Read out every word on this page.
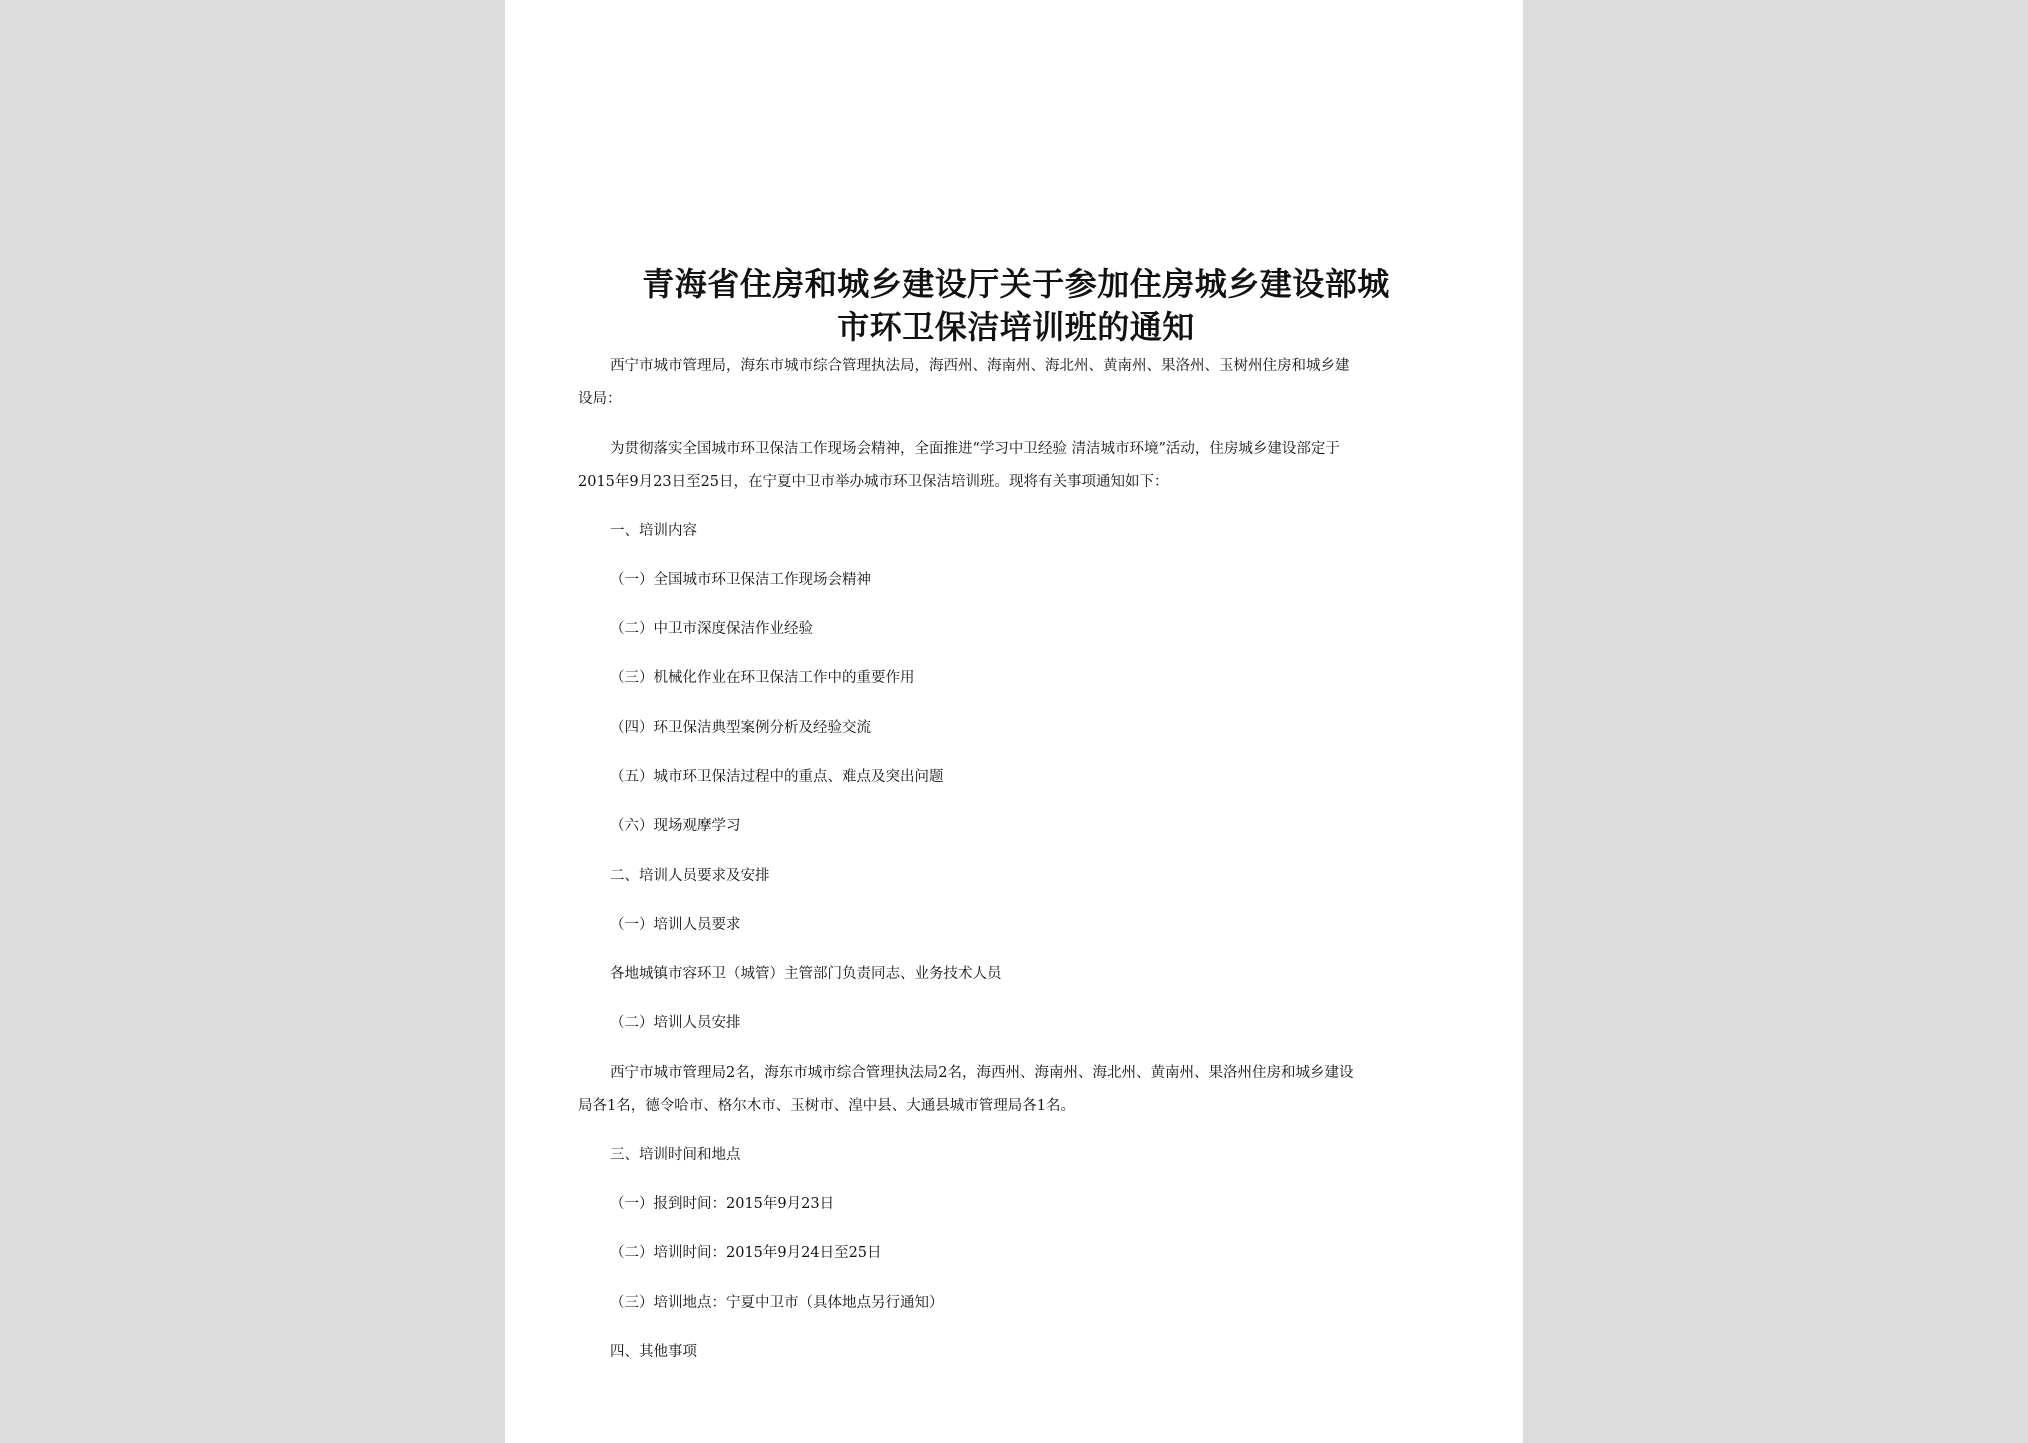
青海省住房和城乡建设厅关于参加住房城乡建设部城
市环卫保洁培训班的通知
西宁市城市管理局，海东市城市综合管理执法局，海西州、海南州、海北州、黄南州、果洛州、玉树州住房和城乡建
设局：
为贯彻落实全国城市环卫保洁工作现场会精神，全面推进“学习中卫经验 清洁城市环境”活动，住房城乡建设部定于
2015年9月23日至25日，在宁夏中卫市举办城市环卫保洁培训班。现将有关事项通知如下：
一、培训内容
（一）全国城市环卫保洁工作现场会精神
（二）中卫市深度保洁作业经验
（三）机械化作业在环卫保洁工作中的重要作用
（四）环卫保洁典型案例分析及经验交流
（五）城市环卫保洁过程中的重点、难点及突出问题
（六）现场观摩学习
二、培训人员要求及安排
（一）培训人员要求
各地城镇市容环卫（城管）主管部门负责同志、业务技术人员
（二）培训人员安排
西宁市城市管理局2名，海东市城市综合管理执法局2名，海西州、海南州、海北州、黄南州、果洛州住房和城乡建设
局各1名，德令哈市、格尔木市、玉树市、湟中县、大通县城市管理局各1名。
三、培训时间和地点
（一）报到时间：2015年9月23日
（二）培训时间：2015年9月24日至25日
（三）培训地点：宁夏中卫市（具体地点另行通知）
四、其他事项
